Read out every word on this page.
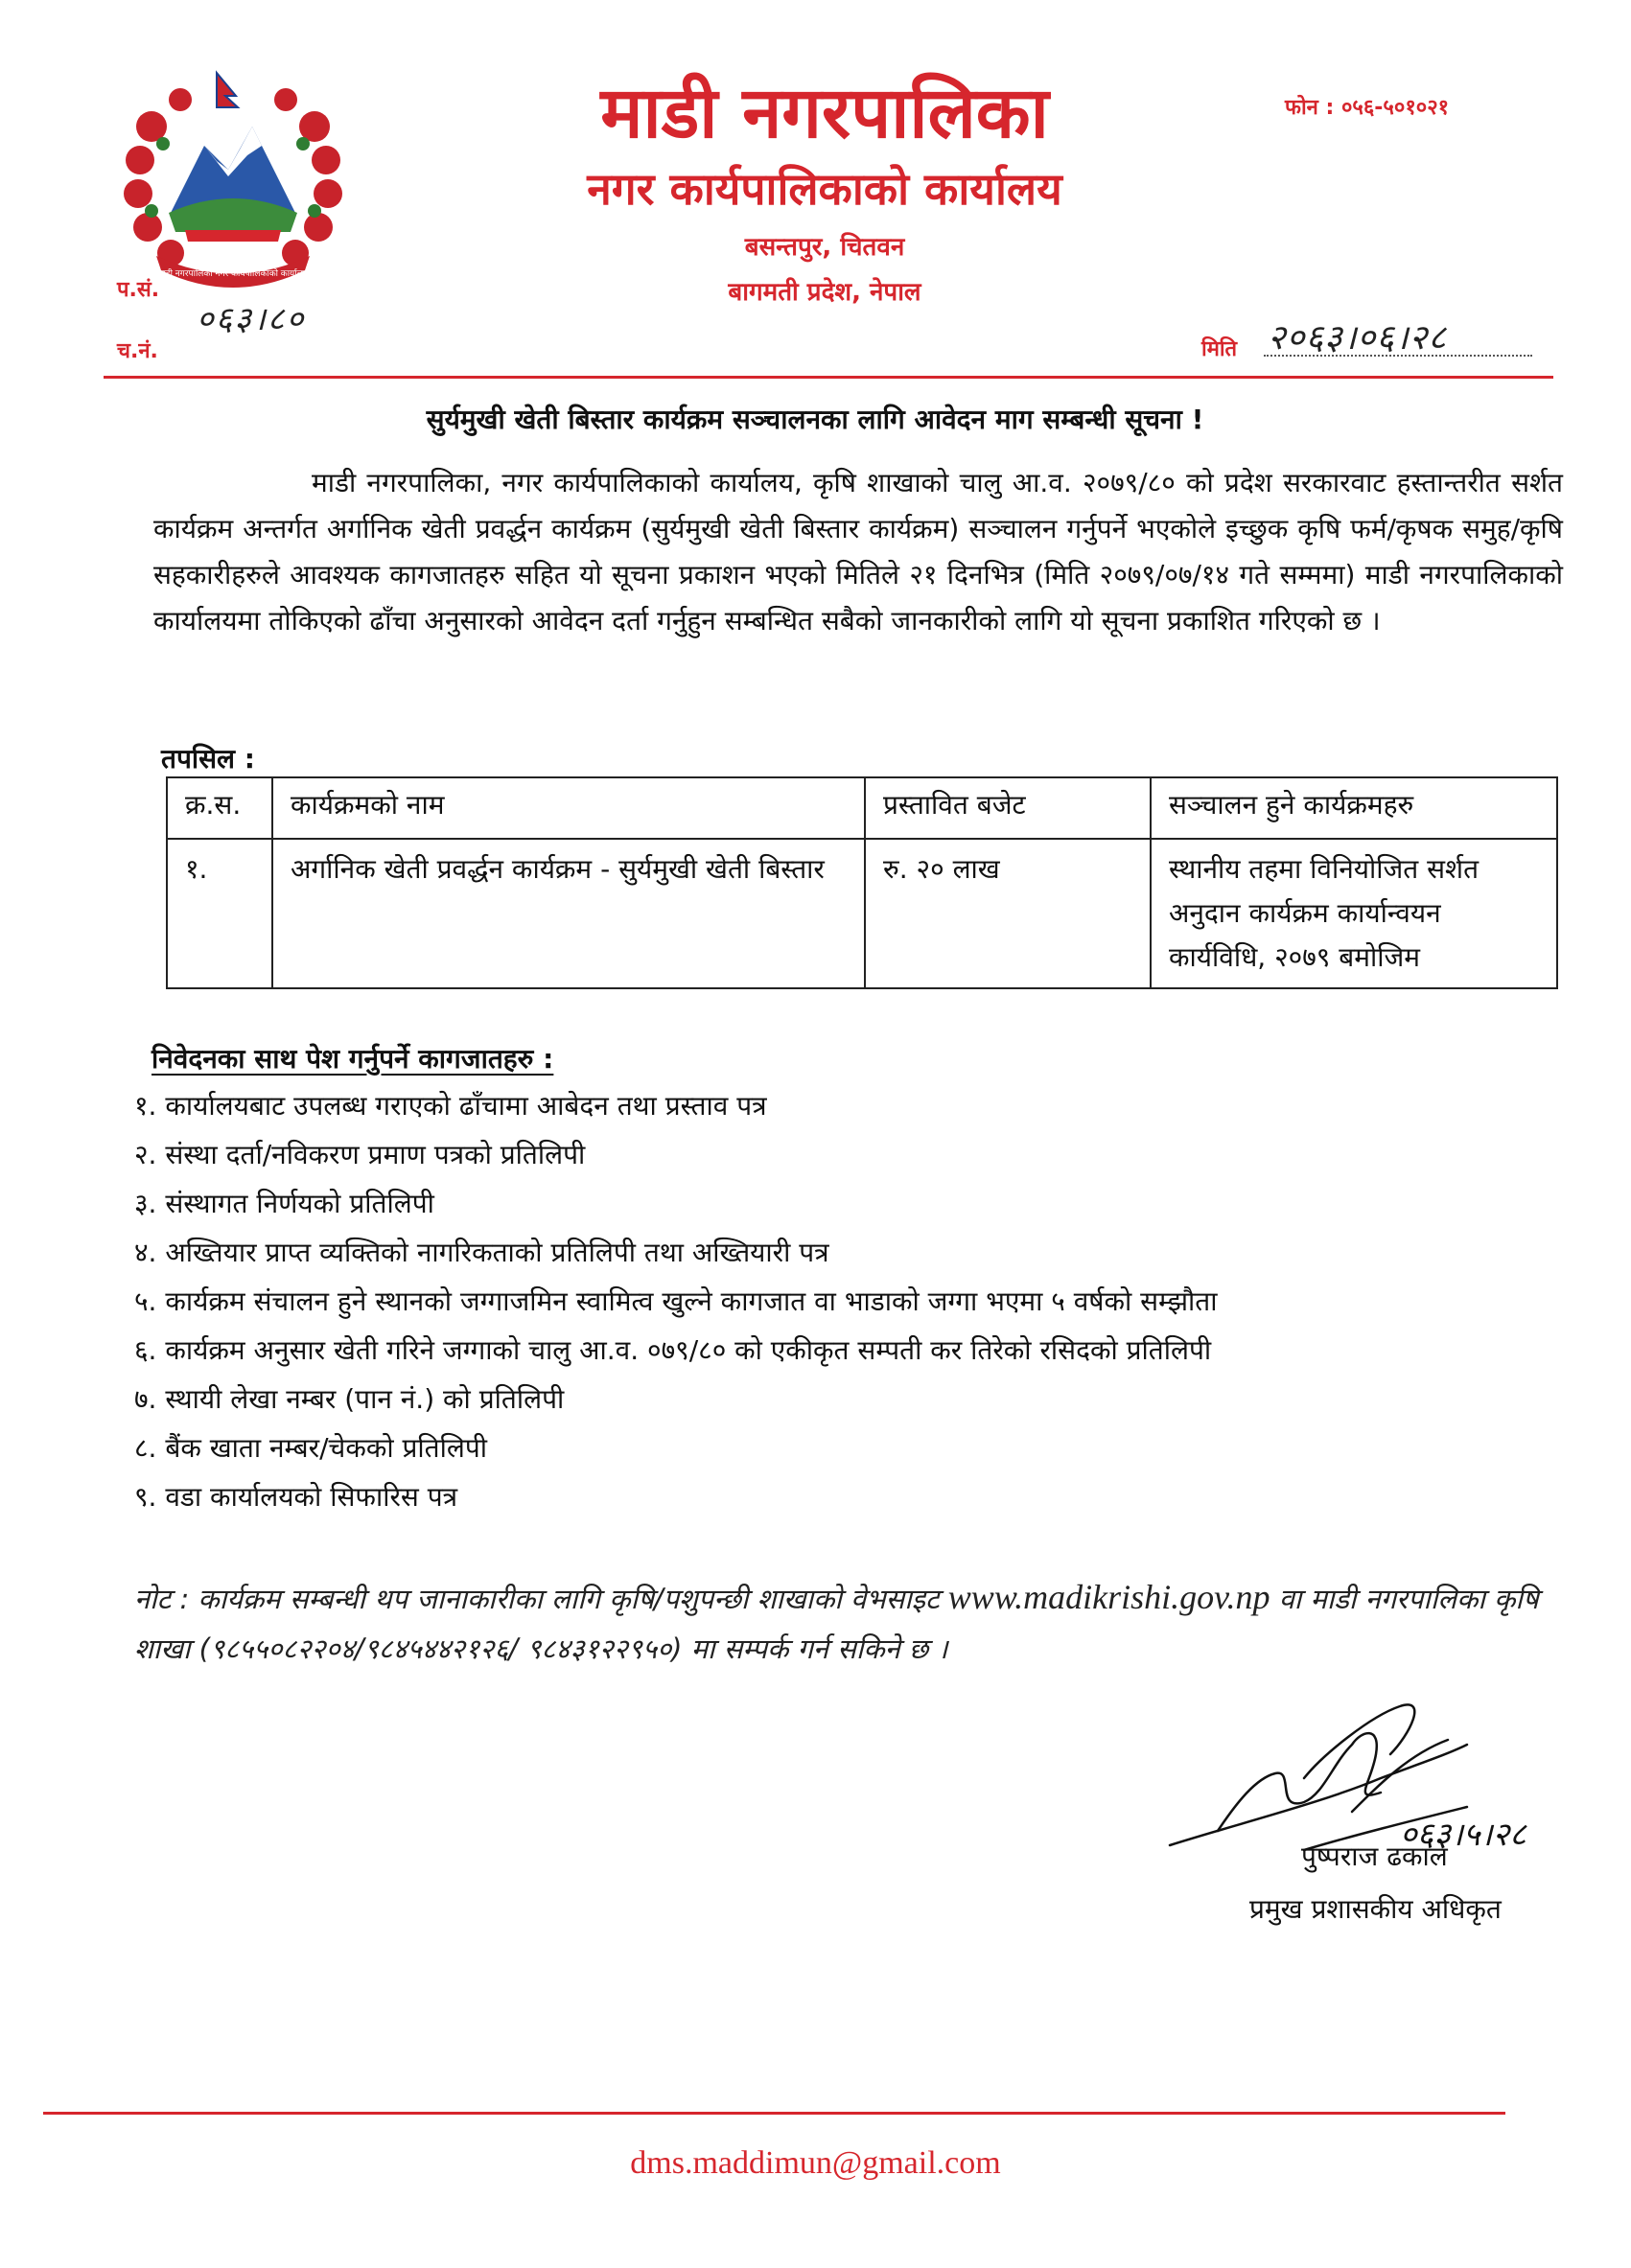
माडी नगरपालिका नगर कार्यपालिकाको कार्यालय
माडी नगरपालिका
नगर कार्यपालिकाको कार्यालय
बसन्तपुर, चितवन
बागमती प्रदेश, नेपाल
फोन : ०५६-५०१०२१
प.सं.
०६३।८०
च.नं.	मिति २०६३।०६।२८
सुर्यमुखी खेती बिस्तार कार्यक्रम सञ्चालनका लागि आवेदन माग सम्बन्धी सूचना !
माडी नगरपालिका, नगर कार्यपालिकाको कार्यालय, कृषि शाखाको चालु आ.व. २०७९/८० को प्रदेश सरकारवाट हस्तान्तरीत सर्शत कार्यक्रम अन्तर्गत अर्गानिक खेती प्रवर्द्धन कार्यक्रम (सुर्यमुखी खेती बिस्तार कार्यक्रम) सञ्चालन गर्नुपर्ने भएकोले इच्छुक कृषि फर्म/कृषक समुह/कृषि सहकारीहरुले आवश्यक कागजातहरु सहित यो सूचना प्रकाशन भएको मितिले २१ दिनभित्र (मिति २०७९/०७/१४ गते सम्ममा) माडी नगरपालिकाको कार्यालयमा तोकिएको ढाँचा अनुसारको आवेदन दर्ता गर्नुहुन सम्बन्धित सबैको जानकारीको लागि यो सूचना प्रकाशित गरिएको छ ।
तपसिल :
क्र.स.	कार्यक्रमको नाम	प्रस्तावित बजेट	सञ्चालन हुने कार्यक्रमहरु
१.	अर्गानिक खेती प्रवर्द्धन कार्यक्रम - सुर्यमुखी खेती बिस्तार	रु. २० लाख	स्थानीय तहमा विनियोजित सर्शत अनुदान कार्यक्रम कार्यान्वयन कार्यविधि, २०७९ बमोजिम
निवेदनका साथ पेश गर्नुपर्ने कागजातहरु :
१. कार्यालयबाट उपलब्ध गराएको ढाँचामा आबेदन तथा प्रस्ताव पत्र
२. संस्था दर्ता/नविकरण प्रमाण पत्रको प्रतिलिपी
३. संस्थागत निर्णयको प्रतिलिपी
४. अख्तियार प्राप्त व्यक्तिको नागरिकताको प्रतिलिपी तथा अख्तियारी पत्र
५. कार्यक्रम संचालन हुने स्थानको जग्गाजमिन स्वामित्व खुल्ने कागजात वा भाडाको जग्गा भएमा ५ वर्षको सम्झौता
६. कार्यक्रम अनुसार खेती गरिने जग्गाको चालु आ.व. ०७९/८० को एकीकृत सम्पती कर तिरेको रसिदको प्रतिलिपी
७. स्थायी लेखा नम्बर (पान नं.) को प्रतिलिपी
८. बैंक खाता नम्बर/चेकको प्रतिलिपी
९. वडा कार्यालयको सिफारिस पत्र
नोट : कार्यक्रम सम्बन्धी थप जानाकारीका लागि कृषि/पशुपन्छी शाखाको वेभसाइट www.madikrishi.gov.np वा माडी नगरपालिका कृषि शाखा (९८५५०८२२०४/९८४५४४२१२६/ ९८४३१२२९५०) मा सम्पर्क गर्न सकिने छ ।
०६३।५।२८
पुष्पराज ढकाल
प्रमुख प्रशासकीय अधिकृत
dms.maddimun@gmail.com
